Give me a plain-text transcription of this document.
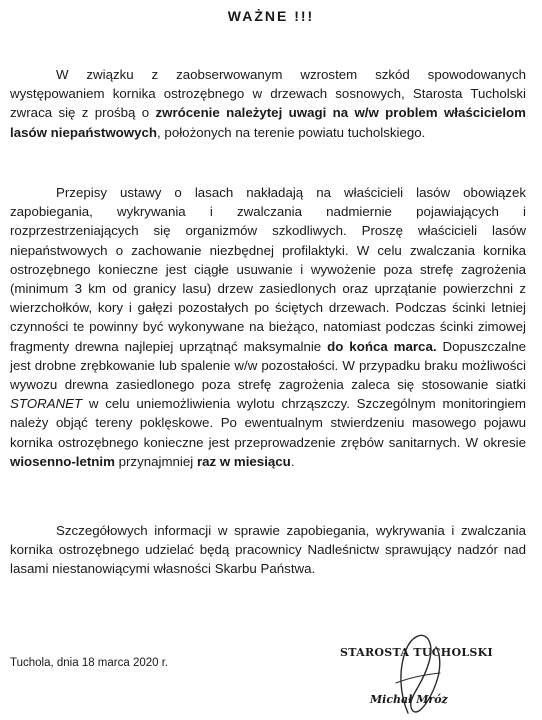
WAŻNE !!!

W związku z zaobserwowanym wzrostem szkód spowodowanych występowaniem kornika ostrozębnego w drzewach sosnowych, Starosta Tucholski zwraca się z prośbą o zwrócenie należytej uwagi na w/w problem właścicielom lasów niepaństwowych, położonych na terenie powiatu tucholskiego.

Przepisy ustawy o lasach nakładają na właścicieli lasów obowiązek zapobiegania, wykrywania i zwalczania nadmiernie pojawiających i rozprzestrzeniających się organizmów szkodliwych. Proszę właścicieli lasów niepaństwowych o zachowanie niezbędnej profilaktyki. W celu zwalczania kornika ostrozębnego konieczne jest ciągłe usuwanie i wywożenie poza strefę zagrożenia (minimum 3 km od granicy lasu) drzew zasiedlonych oraz uprzątanie powierzchni z wierzchołków, kory i gałęzi pozostałych po ściętych drzewach. Podczas ścinki letniej czynności te powinny być wykonywane na bieżąco, natomiast podczas ścinki zimowej fragmenty drewna najlepiej uprzątnąć maksymalnie do końca marca. Dopuszczalne jest drobne zrębkowanie lub spalenie w/w pozostałości. W przypadku braku możliwości wywozu drewna zasiedlonego poza strefę zagrożenia zaleca się stosowanie siatki STORANET w celu uniemożliwienia wylotu chrząszczy. Szczególnym monitoringiem należy objąć tereny poklęskowe. Po ewentualnym stwierdzeniu masowego pojawu kornika ostrozębnego konieczne jest przeprowadzenie zrębów sanitarnych. W okresie wiosenno-letnim przynajmniej raz w miesiącu.

Szczegółowych informacji w sprawie zapobiegania, wykrywania i zwalczania kornika ostrozębnego udzielać będą pracownicy Nadleśnictw sprawujący nadzór nad lasami niestanowiącymi własności Skarbu Państwa.

Tuchola, dnia 18 marca 2020 r.
STAROSTA TUCHOLSKI
Michał Mróz
